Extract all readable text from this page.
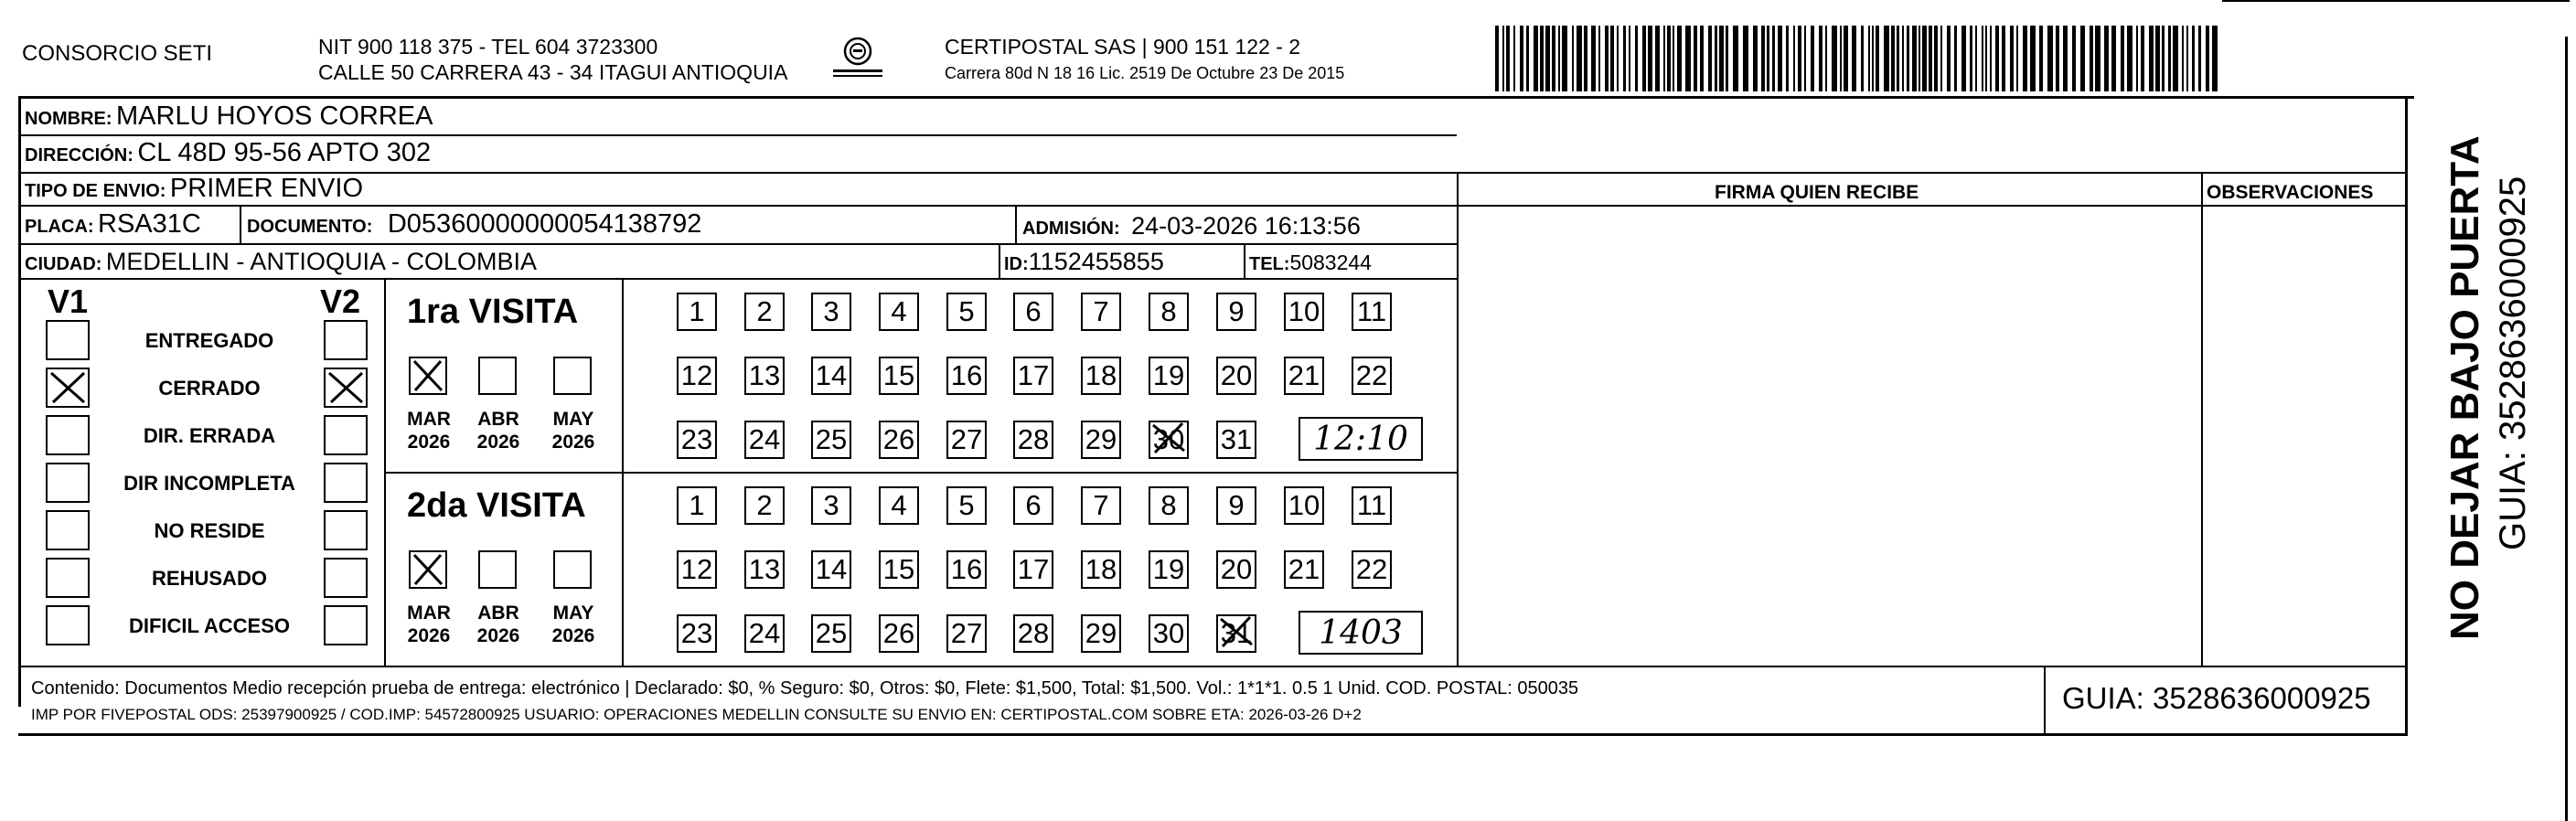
CONSORCIO SETI	NIT 900 118 375 - TEL 604 3723300
CALLE 50 CARRERA 43 - 34 ITAGUI ANTIOQUIA
CERTIPOSTAL SAS | 900 151 122 - 2
Carrera 80d N 18 16 Lic. 2519 De Octubre 23 De 2015
NOMBRE: MARLU HOYOS CORREA
DIRECCIÓN: CL 48D 95-56 APTO 302
TIPO DE ENVIO: PRIMER ENVIO
PLACA: RSA31C	DOCUMENTO: D05360000000054138792	ADMISIÓN: 24-03-2026 16:13:56
CIUDAD: MEDELLIN - ANTIOQUIA - COLOMBIA	ID:1152455855	TEL:5083244
FIRMA QUIEN RECIBE	OBSERVACIONES
V1	V2
ENTREGADO
CERRADO
DIR. ERRADA
DIR INCOMPLETA
NO RESIDE
REHUSADO
DIFICIL ACCESO
1ra VISITA
MAR
2026
ABR
2026
MAY
2026
1	2	3	4	5	6	7	8	9	10 11
12 13 14 15 16 17 18 19 20 21 22
23 24 25 26 27 28 29 30 31	12:10
2da VISITA
MAR
2026
ABR
2026
MAY
2026
1	2	3	4	5	6	7	8	9	10 11
12 13 14 15 16 17 18 19 20 21 22
23 24 25 26 27 28 29 30 31	1403
Contenido: Documentos Medio recepción prueba de entrega: electrónico | Declarado: $0, % Seguro: $0, Otros: $0, Flete: $1,500, Total: $1,500. Vol.: 1*1*1. 0.5 1 Unid. COD. POSTAL: 050035
IMP POR FIVEPOSTAL ODS: 25397900925 / COD.IMP: 54572800925 USUARIO: OPERACIONES MEDELLIN CONSULTE SU ENVIO EN: CERTIPOSTAL.COM SOBRE ETA: 2026-03-26 D+2	GUIA: 3528636000925
NO DEJAR BAJO PUERTA GUIA: 3528636000925
